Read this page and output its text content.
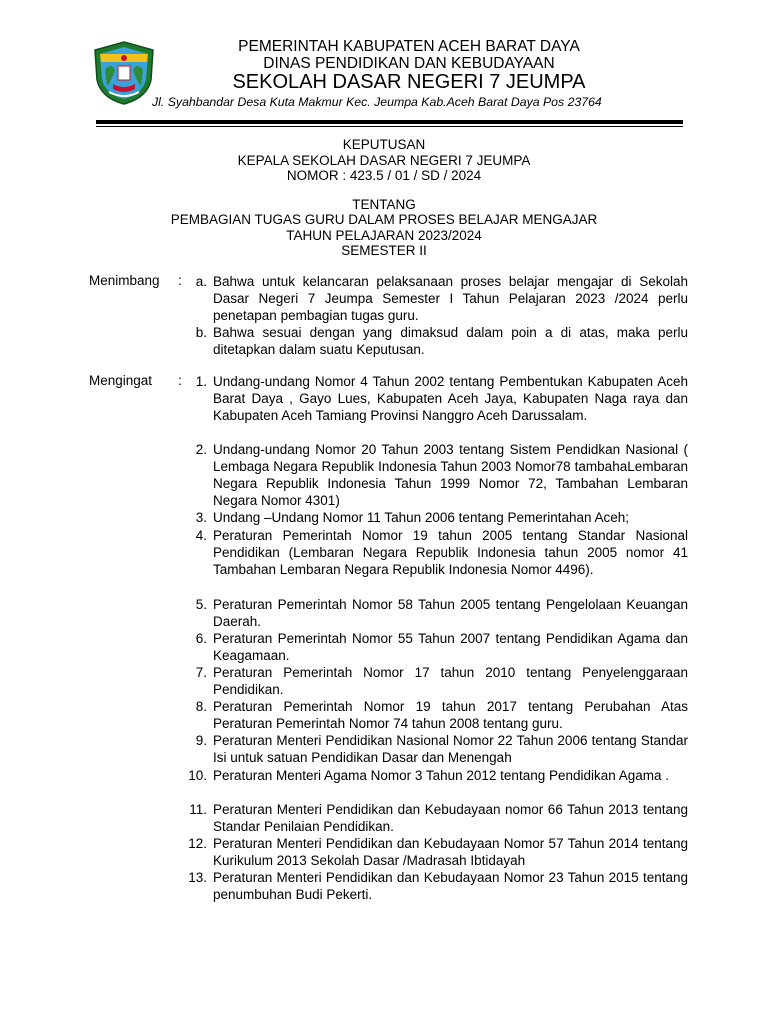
PEMERINTAH KABUPATEN ACEH BARAT DAYA
DINAS PENDIDIKAN DAN KEBUDAYAAN
SEKOLAH DASAR NEGERI 7 JEUMPA
Jl. Syahbandar Desa Kuta Makmur Kec. Jeumpa Kab.Aceh Barat Daya Pos 23764
KEPUTUSAN
KEPALA SEKOLAH DASAR NEGERI 7 JEUMPA
NOMOR : 423.5 / 01 / SD / 2024
TENTANG
PEMBAGIAN TUGAS GURU DALAM PROSES BELAJAR MENGAJAR
TAHUN PELAJARAN 2023/2024
SEMESTER II
Menimbang :	a. Bahwa untuk kelancaran pelaksanaan proses belajar mengajar di Sekolah Dasar Negeri 7 Jeumpa Semester I Tahun Pelajaran 2023 /2024 perlu penetapan pembagian tugas guru.
b. Bahwa sesuai dengan yang dimaksud dalam poin a di atas, maka perlu ditetapkan dalam suatu Keputusan.
Mengingat :	1. Undang-undang Nomor 4 Tahun 2002 tentang Pembentukan Kabupaten Aceh Barat Daya , Gayo Lues, Kabupaten Aceh Jaya, Kabupaten Naga raya dan Kabupaten Aceh Tamiang Provinsi Nanggro Aceh Darussalam.
2. Undang-undang Nomor 20 Tahun 2003 tentang Sistem Pendidkan Nasional ( Lembaga Negara Republik Indonesia Tahun 2003 Nomor78 tambahaLembaran Negara Republik Indonesia Tahun 1999 Nomor 72, Tambahan Lembaran Negara Nomor 4301)
3. Undang –Undang Nomor 11 Tahun 2006 tentang Pemerintahan Aceh;
4. Peraturan Pemerintah Nomor 19 tahun 2005 tentang Standar Nasional Pendidikan (Lembaran Negara Republik Indonesia tahun 2005 nomor 41 Tambahan Lembaran Negara Republik Indonesia Nomor 4496).
5. Peraturan Pemerintah Nomor 58 Tahun 2005 tentang Pengelolaan Keuangan Daerah.
6. Peraturan Pemerintah Nomor 55 Tahun 2007 tentang Pendidikan Agama dan Keagamaan.
7. Peraturan Pemerintah Nomor 17 tahun 2010 tentang Penyelenggaraan Pendidikan.
8. Peraturan Pemerintah Nomor 19 tahun 2017 tentang Perubahan Atas Peraturan Pemerintah Nomor 74 tahun 2008 tentang guru.
9. Peraturan Menteri Pendidikan Nasional Nomor 22 Tahun 2006 tentang Standar Isi untuk satuan Pendidikan Dasar dan Menengah
10. Peraturan Menteri Agama Nomor 3 Tahun 2012 tentang Pendidikan Agama .
11. Peraturan Menteri Pendidikan dan Kebudayaan nomor 66 Tahun 2013 tentang Standar Penilaian Pendidikan.
12. Peraturan Menteri Pendidikan dan Kebudayaan Nomor 57 Tahun 2014 tentang Kurikulum 2013 Sekolah Dasar /Madrasah Ibtidayah
13. Peraturan Menteri Pendidikan dan Kebudayaan Nomor 23 Tahun 2015 tentang penumbuhan Budi Pekerti.
